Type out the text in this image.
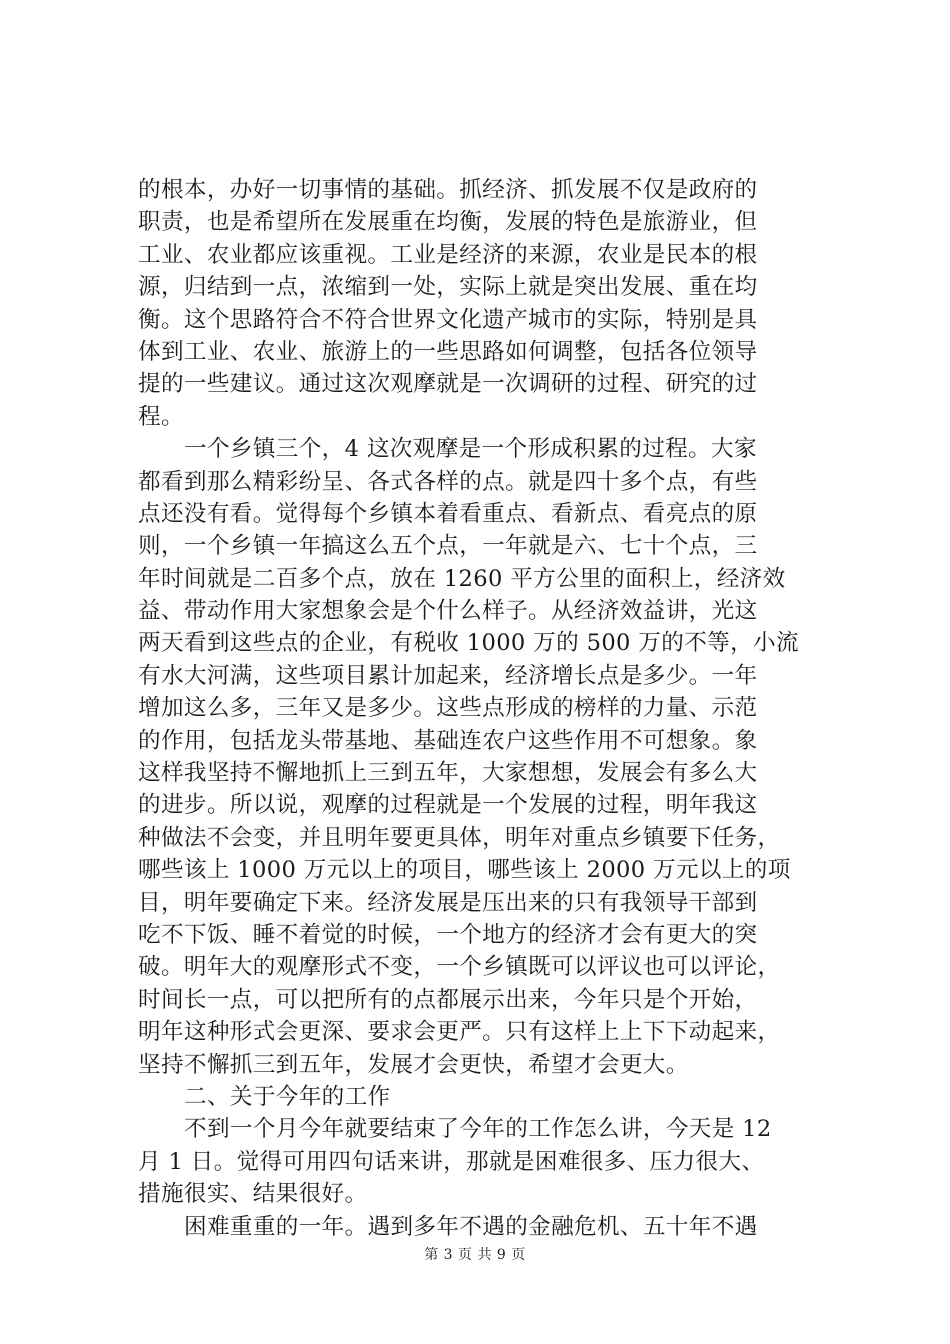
的根本，办好一切事情的基础。抓经济、抓发展不仅是政府的
职责，也是希望所在发展重在均衡，发展的特色是旅游业，但
工业、农业都应该重视。工业是经济的来源，农业是民本的根
源，归结到一点，浓缩到一处，实际上就是突出发展、重在均
衡。这个思路符合不符合世界文化遗产城市的实际，特别是具
体到工业、农业、旅游上的一些思路如何调整，包括各位领导
提的一些建议。通过这次观摩就是一次调研的过程、研究的过
程。
一个乡镇三个，4 这次观摩是一个形成积累的过程。大家
都看到那么精彩纷呈、各式各样的点。就是四十多个点，有些
点还没有看。觉得每个乡镇本着看重点、看新点、看亮点的原
则，一个乡镇一年搞这么五个点，一年就是六、七十个点，三
年时间就是二百多个点，放在 1260 平方公里的面积上，经济效
益、带动作用大家想象会是个什么样子。从经济效益讲，光这
两天看到这些点的企业，有税收 1000 万的 500 万的不等，小流
有水大河满，这些项目累计加起来，经济增长点是多少。一年
增加这么多，三年又是多少。这些点形成的榜样的力量、示范
的作用，包括龙头带基地、基础连农户这些作用不可想象。象
这样我坚持不懈地抓上三到五年，大家想想，发展会有多么大
的进步。所以说，观摩的过程就是一个发展的过程，明年我这
种做法不会变，并且明年要更具体，明年对重点乡镇要下任务，
哪些该上 1000 万元以上的项目，哪些该上 2000 万元以上的项
目，明年要确定下来。经济发展是压出来的只有我领导干部到
吃不下饭、睡不着觉的时候，一个地方的经济才会有更大的突
破。明年大的观摩形式不变，一个乡镇既可以评议也可以评论，
时间长一点，可以把所有的点都展示出来，今年只是个开始，
明年这种形式会更深、要求会更严。只有这样上上下下动起来，
坚持不懈抓三到五年，发展才会更快，希望才会更大。
二、关于今年的工作
不到一个月今年就要结束了今年的工作怎么讲，今天是 12
月 1 日。觉得可用四句话来讲，那就是困难很多、压力很大、
措施很实、结果很好。
困难重重的一年。遇到多年不遇的金融危机、五十年不遇
第 3 页 共 9 页
